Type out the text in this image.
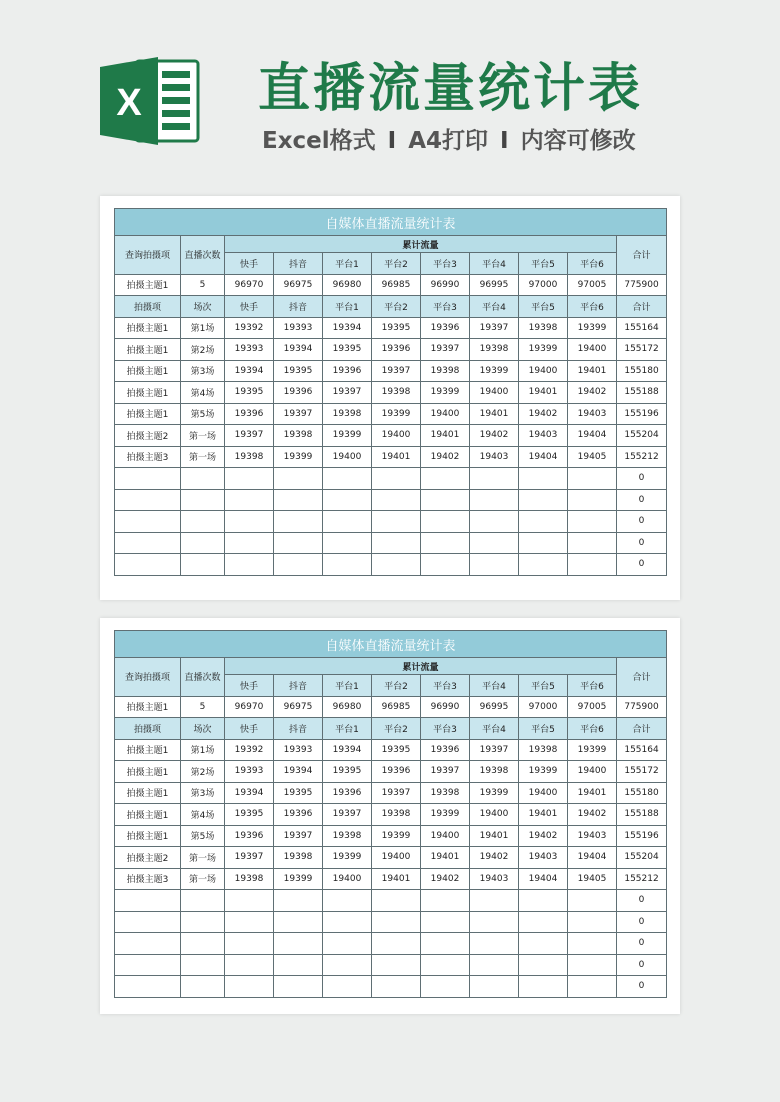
X 直播流量统计表
Excel格式 I A4打印 I 内容可修改
自媒体直播流量统计表										
查询拍摄项	直播次数	累计流量								合计
		快手	抖音	平台1	平台2	平台3	平台4	平台5	平台6	
拍摄主题1	5	96970	96975	96980	96985	96990	96995	97000	97005	775900
拍摄项	场次	快手	抖音	平台1	平台2	平台3	平台4	平台5	平台6	合计
拍摄主题1	第1场	19392	19393	19394	19395	19396	19397	19398	19399	155164
拍摄主题1	第2场	19393	19394	19395	19396	19397	19398	19399	19400	155172
拍摄主题1	第3场	19394	19395	19396	19397	19398	19399	19400	19401	155180
拍摄主题1	第4场	19395	19396	19397	19398	19399	19400	19401	19402	155188
拍摄主题1	第5场	19396	19397	19398	19399	19400	19401	19402	19403	155196
拍摄主题2	第一场	19397	19398	19399	19400	19401	19402	19403	19404	155204
拍摄主题3	第一场	19398	19399	19400	19401	19402	19403	19404	19405	155212
										0
										0
										0
										0
										0
自媒体直播流量统计表										
查询拍摄项	直播次数	累计流量								合计
		快手	抖音	平台1	平台2	平台3	平台4	平台5	平台6	
拍摄主题1	5	96970	96975	96980	96985	96990	96995	97000	97005	775900
拍摄项	场次	快手	抖音	平台1	平台2	平台3	平台4	平台5	平台6	合计
拍摄主题1	第1场	19392	19393	19394	19395	19396	19397	19398	19399	155164
拍摄主题1	第2场	19393	19394	19395	19396	19397	19398	19399	19400	155172
拍摄主题1	第3场	19394	19395	19396	19397	19398	19399	19400	19401	155180
拍摄主题1	第4场	19395	19396	19397	19398	19399	19400	19401	19402	155188
拍摄主题1	第5场	19396	19397	19398	19399	19400	19401	19402	19403	155196
拍摄主题2	第一场	19397	19398	19399	19400	19401	19402	19403	19404	155204
拍摄主题3	第一场	19398	19399	19400	19401	19402	19403	19404	19405	155212
										0
										0
										0
										0
										0
